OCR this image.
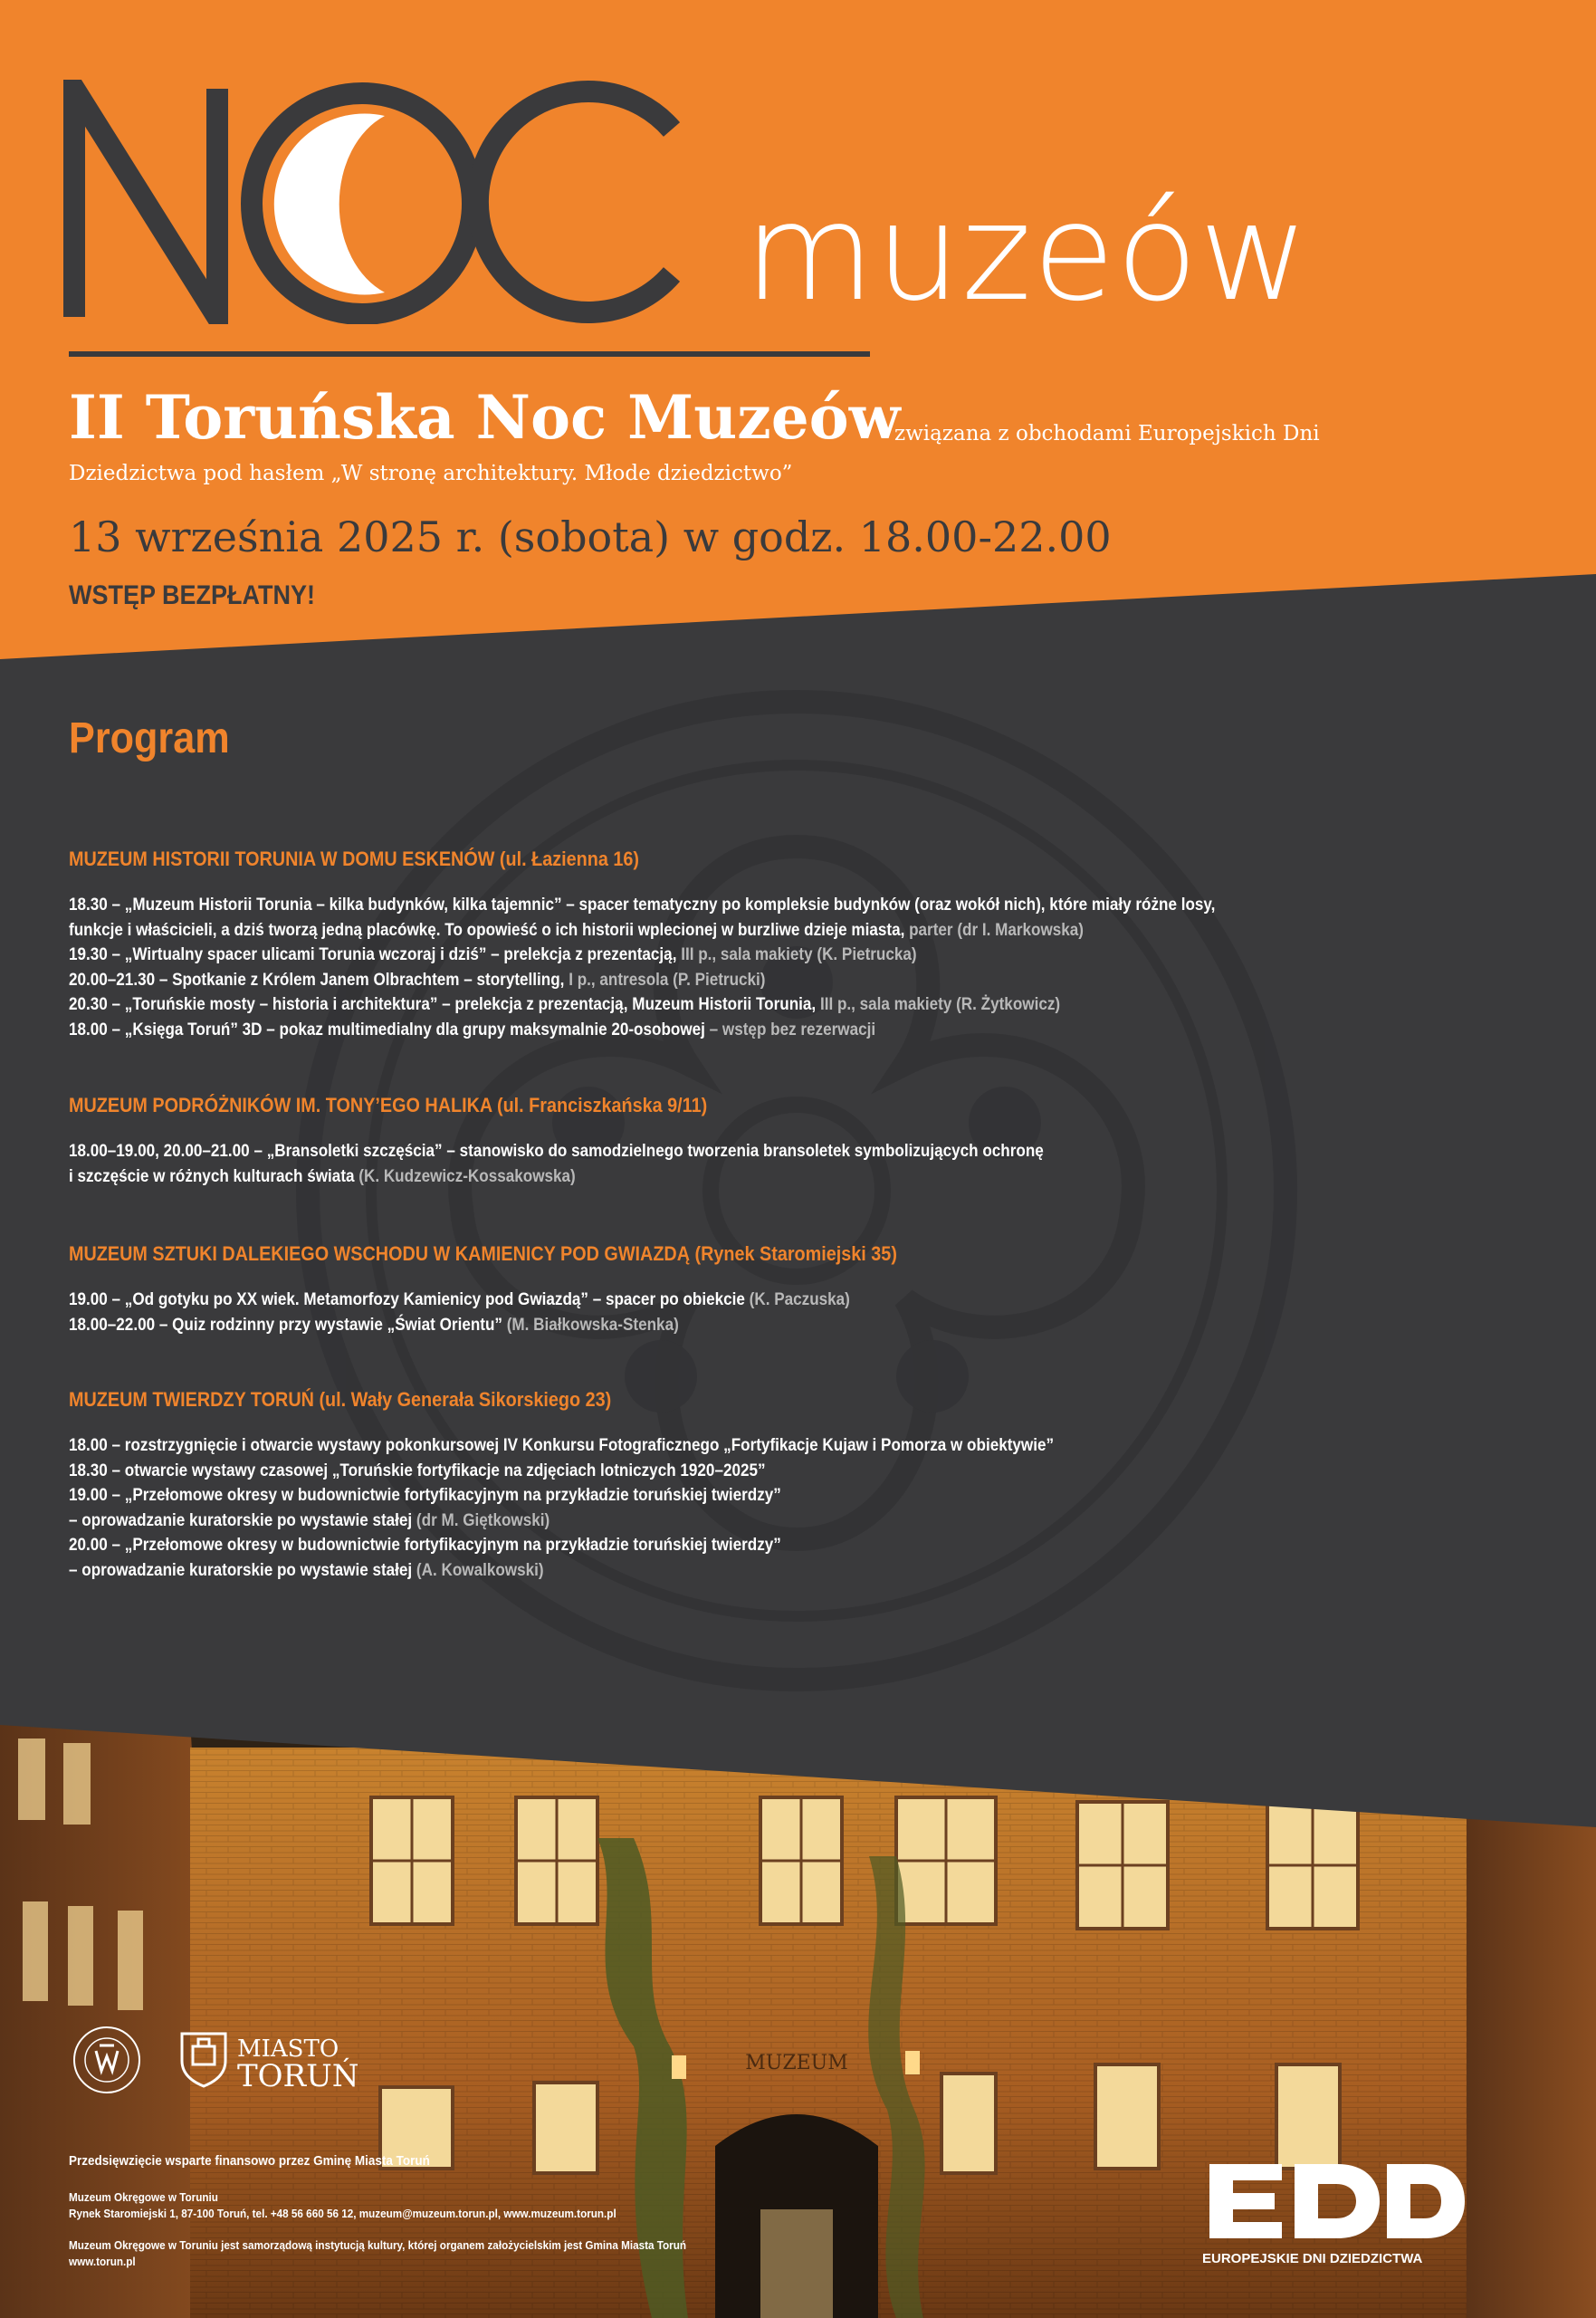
MUZEUM
muzeów
II Toruńska Noc Muzeów
związana z obchodami Europejskich Dni
Dziedzictwa pod hasłem „W stronę architektury. Młode dziedzictwo”
13 września 2025 r. (sobota) w godz. 18.00-22.00
WSTĘP BEZPŁATNY!
Program
MUZEUM HISTORII TORUNIA W DOMU ESKENÓW (ul. Łazienna 16)
18.30 – „Muzeum Historii Torunia – kilka budynków, kilka tajemnic” – spacer tematyczny po kompleksie budynków (oraz wokół nich), które miały różne losy,
funkcje i właścicieli, a dziś tworzą jedną placówkę. To opowieść o ich historii wplecionej w burzliwe dzieje miasta, parter (dr I. Markowska)
19.30 – „Wirtualny spacer ulicami Torunia wczoraj i dziś” – prelekcja z prezentacją, III p., sala makiety (K. Pietrucka)
20.00–21.30 – Spotkanie z Królem Janem Olbrachtem – storytelling, I p., antresola (P. Pietrucki)
20.30 – „Toruńskie mosty – historia i architektura” – prelekcja z prezentacją, Muzeum Historii Torunia, III p., sala makiety (R. Żytkowicz)
18.00 – „Księga Toruń” 3D – pokaz multimedialny dla grupy maksymalnie 20-osobowej – wstęp bez rezerwacji
MUZEUM PODRÓŻNIKÓW IM. TONY’EGO HALIKA (ul. Franciszkańska 9/11)
18.00–19.00, 20.00–21.00 – „Bransoletki szczęścia” – stanowisko do samodzielnego tworzenia bransoletek symbolizujących ochronę
i szczęście w różnych kulturach świata (K. Kudzewicz-Kossakowska)
MUZEUM SZTUKI DALEKIEGO WSCHODU W KAMIENICY POD GWIAZDĄ (Rynek Staromiejski 35)
19.00 – „Od gotyku po XX wiek. Metamorfozy Kamienicy pod Gwiazdą” – spacer po obiekcie (K. Paczuska)
18.00–22.00 – Quiz rodzinny przy wystawie „Świat Orientu” (M. Białkowska-Stenka)
MUZEUM TWIERDZY TORUŃ (ul. Wały Generała Sikorskiego 23)
18.00 – rozstrzygnięcie i otwarcie wystawy pokonkursowej IV Konkursu Fotograficznego „Fortyfikacje Kujaw i Pomorza w obiektywie”
18.30 – otwarcie wystawy czasowej „Toruńskie fortyfikacje na zdjęciach lotniczych 1920–2025”
19.00 – „Przełomowe okresy w budownictwie fortyfikacyjnym na przykładzie toruńskiej twierdzy”
– oprowadzanie kuratorskie po wystawie stałej (dr M. Giętkowski)
20.00 – „Przełomowe okresy w budownictwie fortyfikacyjnym na przykładzie toruńskiej twierdzy”
– oprowadzanie kuratorskie po wystawie stałej (A. Kowalkowski)
MIASTO
TORUŃ
Przedsięwzięcie wsparte finansowo przez Gminę Miasta Toruń
Muzeum Okręgowe w Toruniu
Rynek Staromiejski 1, 87-100 Toruń, tel. +48 56 660 56 12, muzeum@muzeum.torun.pl, www.muzeum.torun.pl
Muzeum Okręgowe w Toruniu jest samorządową instytucją kultury, której organem założycielskim jest Gmina Miasta Toruń
www.torun.pl	EUROPEJSKIE DNI DZIEDZICTWA
